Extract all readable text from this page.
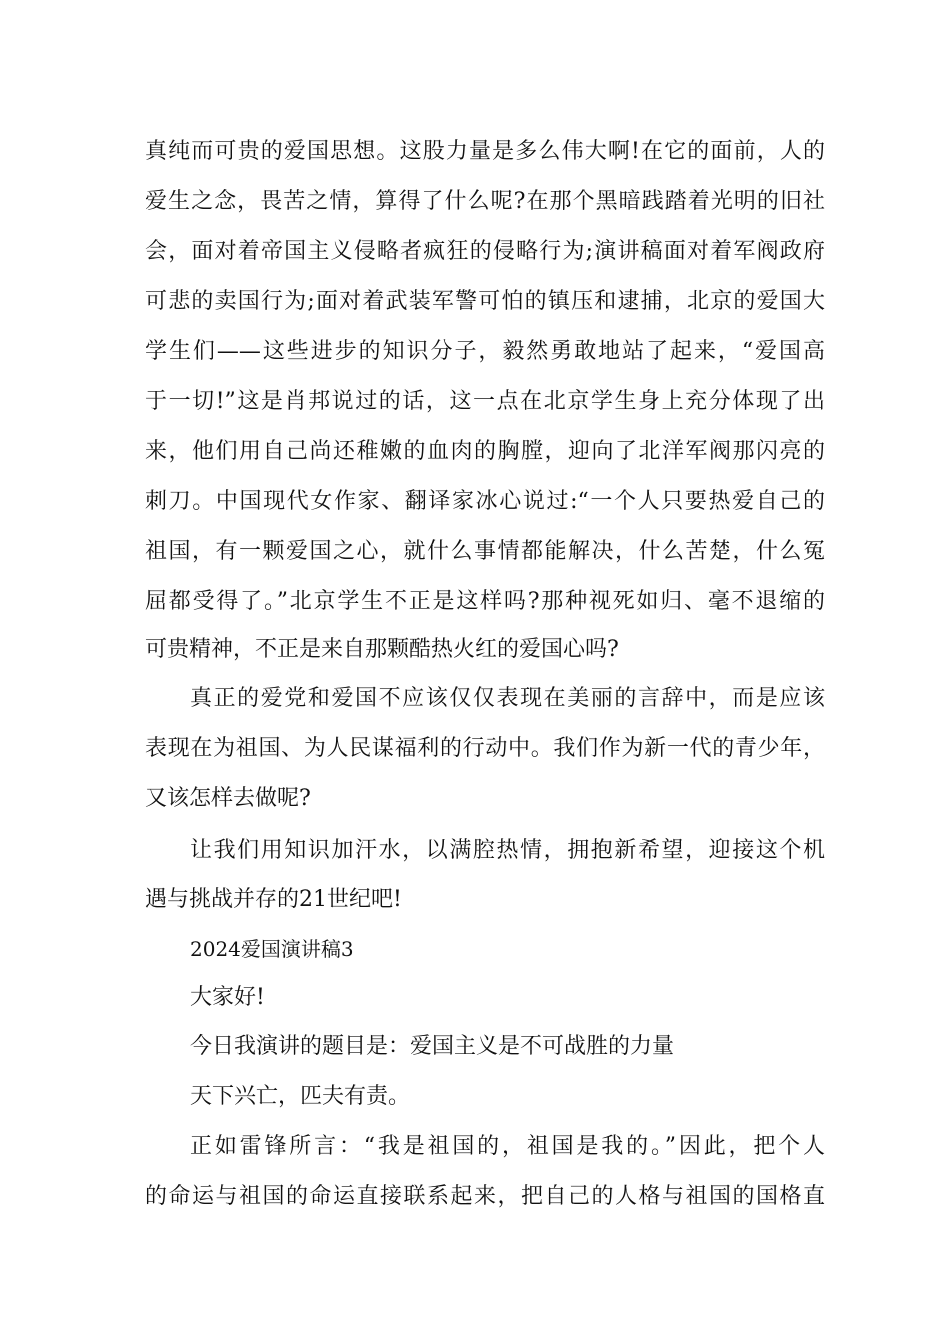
真纯而可贵的爱国思想。这股力量是多么伟大啊!在它的面前，人的
爱生之念，畏苦之情，算得了什么呢?在那个黑暗践踏着光明的旧社
会，面对着帝国主义侵略者疯狂的侵略行为;演讲稿面对着军阀政府
可悲的卖国行为;面对着武装军警可怕的镇压和逮捕，北京的爱国大
学生们——这些进步的知识分子，毅然勇敢地站了起来，“爱国高
于一切!”这是肖邦说过的话，这一点在北京学生身上充分体现了出
来，他们用自己尚还稚嫩的血肉的胸膛，迎向了北洋军阀那闪亮的
刺刀。中国现代女作家、翻译家冰心说过:“一个人只要热爱自己的
祖国，有一颗爱国之心，就什么事情都能解决，什么苦楚，什么冤
屈都受得了。”北京学生不正是这样吗?那种视死如归、毫不退缩的
可贵精神，不正是来自那颗酷热火红的爱国心吗?
真正的爱党和爱国不应该仅仅表现在美丽的言辞中，而是应该
表现在为祖国、为人民谋福利的行动中。我们作为新一代的青少年，
又该怎样去做呢?
让我们用知识加汗水，以满腔热情，拥抱新希望，迎接这个机
遇与挑战并存的21世纪吧!
2024爱国演讲稿3
大家好!
今日我演讲的题目是：爱国主义是不可战胜的力量
天下兴亡，匹夫有责。
正如雷锋所言：“我是祖国的，祖国是我的。”因此，把个人
的命运与祖国的命运直接联系起来，把自己的人格与祖国的国格直
